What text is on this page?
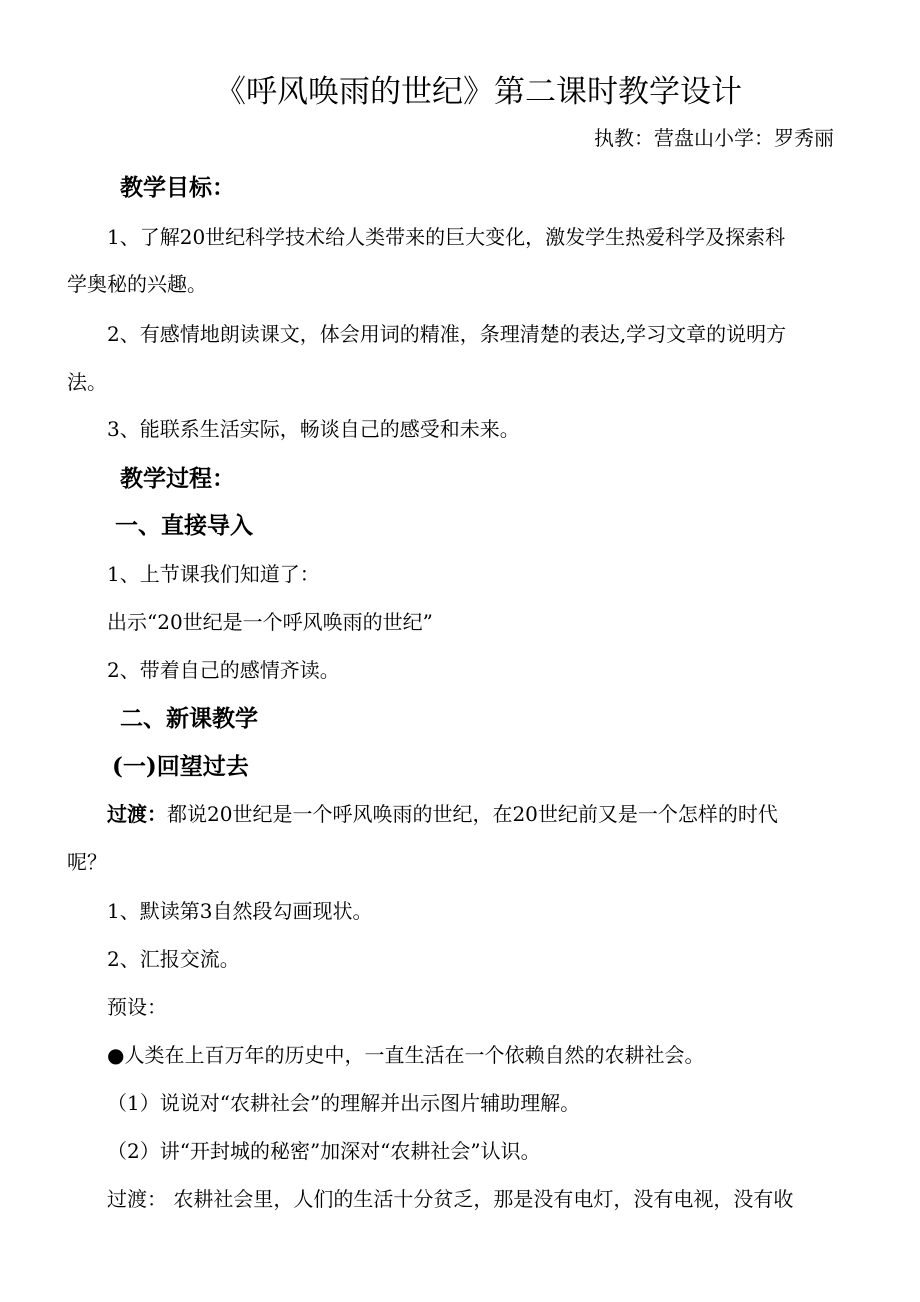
《呼风唤雨的世纪》第二课时教学设计
执教：营盘山小学：罗秀丽
教学目标：
1、了解20世纪科学技术给人类带来的巨大变化，激发学生热爱科学及探索科
学奥秘的兴趣。
2、有感情地朗读课文，体会用词的精准，条理清楚的表达,学习文章的说明方
法。
3、能联系生活实际，畅谈自己的感受和未来。
教学过程：
一、直接导入
1、上节课我们知道了：
出示“20世纪是一个呼风唤雨的世纪”
2、带着自己的感情齐读。
二、新课教学
(一)回望过去
过渡：都说20世纪是一个呼风唤雨的世纪，在20世纪前又是一个怎样的时代
呢？
1、默读第3自然段勾画现状。
2、汇报交流。
预设：
●人类在上百万年的历史中，一直生活在一个依赖自然的农耕社会。
（1）说说对“农耕社会”的理解并出示图片辅助理解。
（2）讲“开封城的秘密”加深对“农耕社会”认识。
过渡： 农耕社会里，人们的生活十分贫乏，那是没有电灯，没有电视，没有收
